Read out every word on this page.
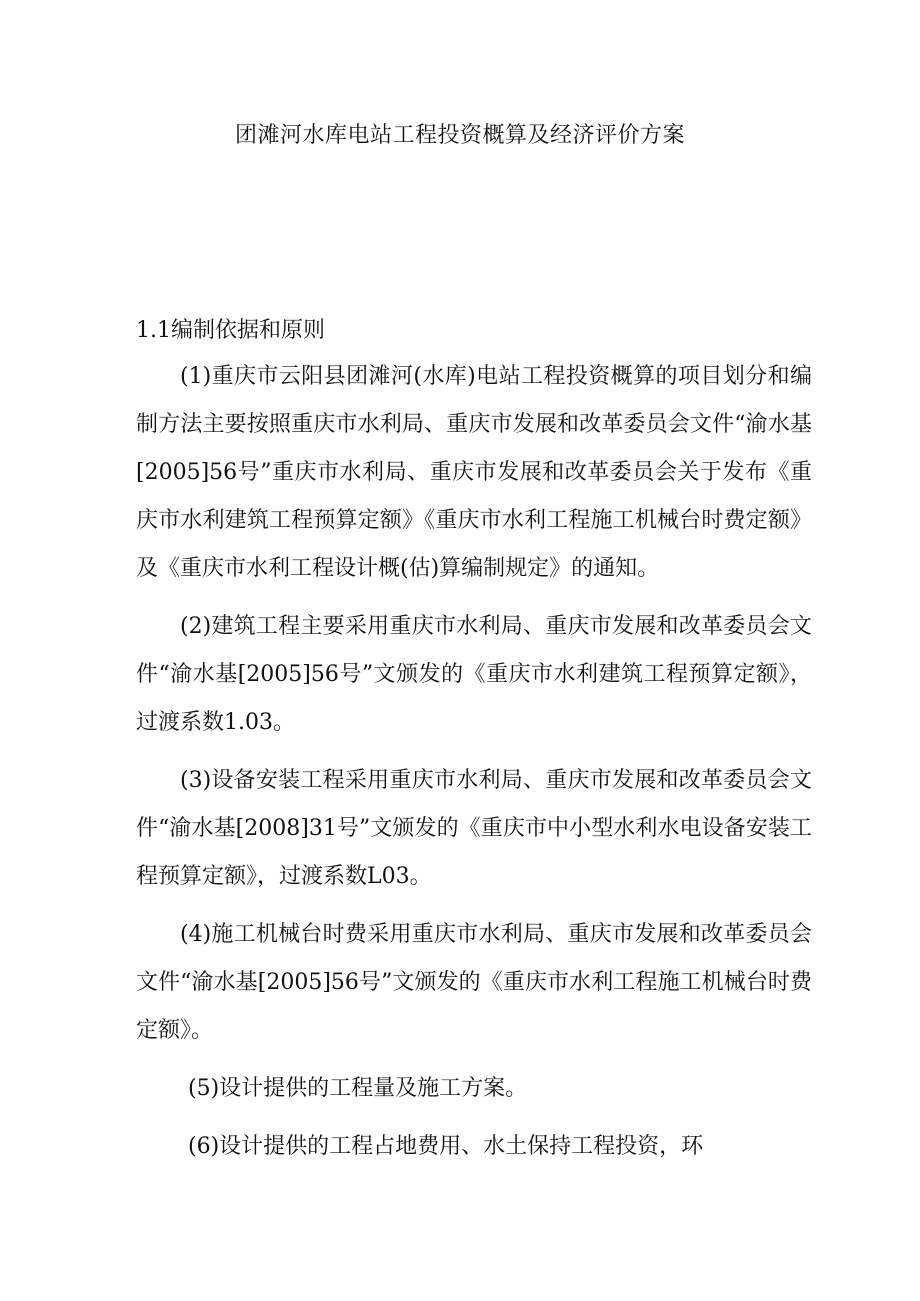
团滩河水库电站工程投资概算及经济评价方案
1.1编制依据和原则

(1)重庆市云阳县团滩河(水库)电站工程投资概算的项目划分和编制方法主要按照重庆市水利局、重庆市发展和改革委员会文件“渝水基[2005]56号”重庆市水利局、重庆市发展和改革委员会关于发布《重庆市水利建筑工程预算定额》《重庆市水利工程施工机械台时费定额》及《重庆市水利工程设计概(估)算编制规定》的通知。

(2)建筑工程主要采用重庆市水利局、重庆市发展和改革委员会文件“渝水基[2005]56号”文颁发的《重庆市水利建筑工程预算定额》，过渡系数1.03。

(3)设备安装工程采用重庆市水利局、重庆市发展和改革委员会文件“渝水基[2008]31号”文颁发的《重庆市中小型水利水电设备安装工程预算定额》，过渡系数L03。

(4)施工机械台时费采用重庆市水利局、重庆市发展和改革委员会文件“渝水基[2005]56号”文颁发的《重庆市水利工程施工机械台时费定额》。

(5)设计提供的工程量及施工方案。

(6)设计提供的工程占地费用、水土保持工程投资，环
